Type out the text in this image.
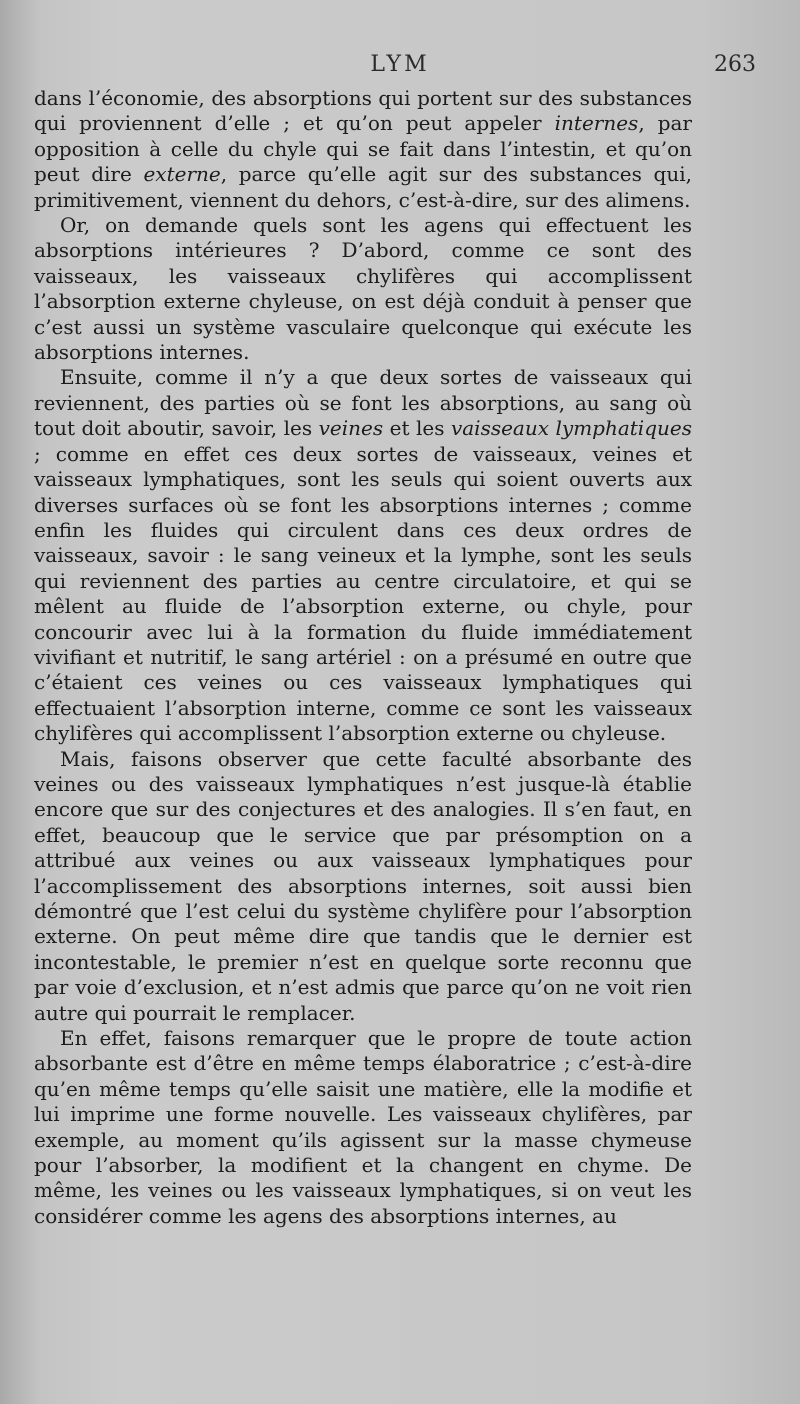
LYM	263

dans l’économie, des absorptions qui portent sur des substances qui proviennent d’elle ; et qu’on peut appeler internes, par opposition à celle du chyle qui se fait dans l’intestin, et qu’on peut dire externe, parce qu’elle agit sur des substances qui, primitivement, viennent du dehors, c’est-à-dire, sur des alimens.

Or, on demande quels sont les agens qui effectuent les absorptions intérieures ? D’abord, comme ce sont des vaisseaux, les vaisseaux chylifères qui accomplissent l’absorption externe chyleuse, on est déjà conduit à penser que c’est aussi un système vasculaire quelconque qui exécute les absorptions internes.

Ensuite, comme il n’y a que deux sortes de vaisseaux qui reviennent, des parties où se font les absorptions, au sang où tout doit aboutir, savoir, les veines et les vaisseaux lymphatiques ; comme en effet ces deux sortes de vaisseaux, veines et vaisseaux lymphatiques, sont les seuls qui soient ouverts aux diverses surfaces où se font les absorptions internes ; comme enfin les fluides qui circulent dans ces deux ordres de vaisseaux, savoir : le sang veineux et la lymphe, sont les seuls qui reviennent des parties au centre circulatoire, et qui se mêlent au fluide de l’absorption externe, ou chyle, pour concourir avec lui à la formation du fluide immédiatement vivifiant et nutritif, le sang artériel : on a présumé en outre que c’étaient ces veines ou ces vaisseaux lymphatiques qui effectuaient l’absorption interne, comme ce sont les vaisseaux chylifères qui accomplissent l’absorption externe ou chyleuse.

Mais, faisons observer que cette faculté absorbante des veines ou des vaisseaux lymphatiques n’est jusque-là établie encore que sur des conjectures et des analogies. Il s’en faut, en effet, beaucoup que le service que par présomption on a attribué aux veines ou aux vaisseaux lymphatiques pour l’accomplissement des absorptions internes, soit aussi bien démontré que l’est celui du système chylifère pour l’absorption externe. On peut même dire que tandis que le dernier est incontestable, le premier n’est en quelque sorte reconnu que par voie d’exclusion, et n’est admis que parce qu’on ne voit rien autre qui pourrait le remplacer.

En effet, faisons remarquer que le propre de toute action absorbante est d’être en même temps élaboratrice ; c’est-à-dire qu’en même temps qu’elle saisit une matière, elle la modifie et lui imprime une forme nouvelle. Les vaisseaux chylifères, par exemple, au moment qu’ils agissent sur la masse chymeuse pour l’absorber, la modifient et la changent en chyme. De même, les veines ou les vaisseaux lymphatiques, si on veut les considérer comme les agens des absorptions internes, au
